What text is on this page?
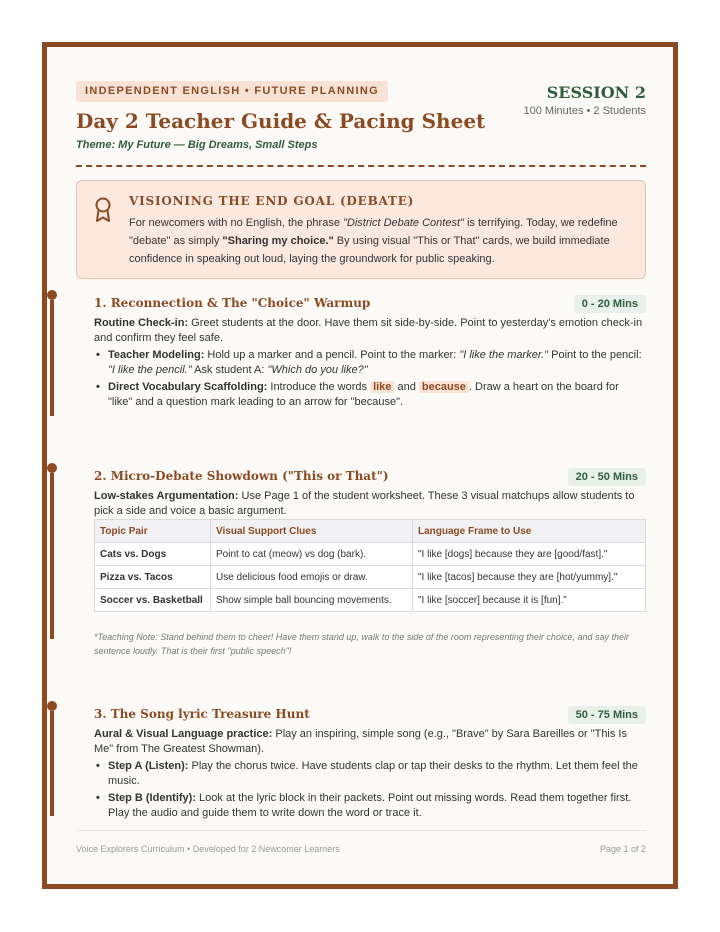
INDEPENDENT ENGLISH • FUTURE PLANNING	SESSION 2
100 Minutes • 2 Students
Day 2 Teacher Guide & Pacing Sheet
Theme: My Future — Big Dreams, Small Steps
VISIONING THE END GOAL (DEBATE)
For newcomers with no English, the phrase "District Debate Contest" is terrifying. Today, we redefine "debate" as simply "Sharing my choice." By using visual "This or That" cards, we build immediate confidence in speaking out loud, laying the groundwork for public speaking.
1. Reconnection & The "Choice" Warmup	0 - 20 Mins
Routine Check-in: Greet students at the door. Have them sit side-by-side. Point to yesterday's emotion check-in and confirm they feel safe.
• Teacher Modeling: Hold up a marker and a pencil. Point to the marker: "I like the marker." Point to the pencil: "I like the pencil." Ask student A: "Which do you like?"
• Direct Vocabulary Scaffolding: Introduce the words like and because . Draw a heart on the board for "like" and a question mark leading to an arrow for "because".
2. Micro-Debate Showdown ("This or That")	20 - 50 Mins
Low-stakes Argumentation: Use Page 1 of the student worksheet. These 3 visual matchups allow students to pick a side and voice a basic argument.
Topic Pair	Visual Support Clues	Language Frame to Use
Cats vs. Dogs	Point to cat (meow) vs dog (bark).	"I like [dogs] because they are [good/fast]."
Pizza vs. Tacos	Use delicious food emojis or draw.	"I like [tacos] because they are [hot/yummy]."
Soccer vs. Basketball	Show simple ball bouncing movements.	"I like [soccer] because it is [fun]."
*Teaching Note: Stand behind them to cheer! Have them stand up, walk to the side of the room representing their choice, and say their sentence loudly. That is their first "public speech"!
3. The Song lyric Treasure Hunt	50 - 75 Mins
Aural & Visual Language practice: Play an inspiring, simple song (e.g., "Brave" by Sara Bareilles or "This Is Me" from The Greatest Showman).
• Step A (Listen): Play the chorus twice. Have students clap or tap their desks to the rhythm. Let them feel the music.
• Step B (Identify): Look at the lyric block in their packets. Point out missing words. Read them together first. Play the audio and guide them to write down the word or trace it.
Voice Explorers Curriculum • Developed for 2 Newcomer Learners	Page 1 of 2
